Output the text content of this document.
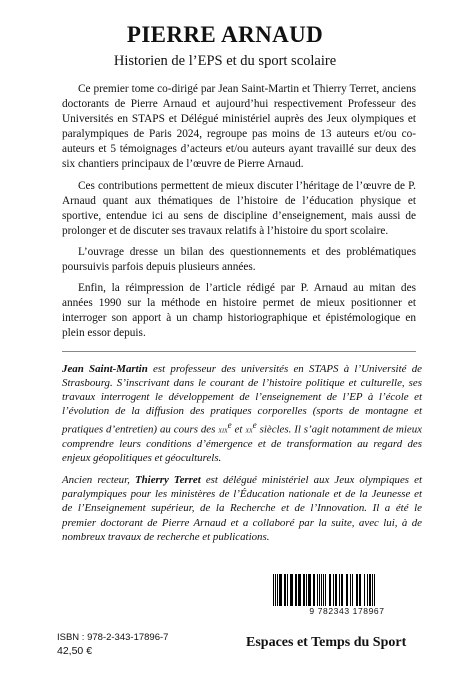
PIERRE ARNAUD
Historien de l’EPS et du sport scolaire

Ce premier tome co-dirigé par Jean Saint-Martin et Thierry Terret, anciens doctorants de Pierre Arnaud et aujourd’hui respectivement Professeur des Universités en STAPS et Délégué ministériel auprès des Jeux olympiques et paralympiques de Paris 2024, regroupe pas moins de 13 auteurs et/ou co-auteurs et 5 témoignages d’acteurs et/ou auteurs ayant travaillé sur deux des six chantiers principaux de l’œuvre de Pierre Arnaud.

Ces contributions permettent de mieux discuter l’héritage de l’œuvre de P. Arnaud quant aux thématiques de l’histoire de l’éducation physique et sportive, entendue ici au sens de discipline d’enseignement, mais aussi de prolonger et de discuter ses travaux relatifs à l’histoire du sport scolaire.

L’ouvrage dresse un bilan des questionnements et des problématiques poursuivis parfois depuis plusieurs années.

Enfin, la réimpression de l’article rédigé par P. Arnaud au mitan des années 1990 sur la méthode en histoire permet de mieux positionner et interroger son apport à un champ historiographique et épistémologique en plein essor depuis.

Jean Saint-Martin est professeur des universités en STAPS à l’Université de Strasbourg. S’inscrivant dans le courant de l’histoire politique et culturelle, ses travaux interrogent le développement de l’enseignement de l’EP à l’école et l’évolution de la diffusion des pratiques corporelles (sports de montagne et pratiques d’entretien) au cours des xix$^e$ et $xx^e$ siècles. Il s’agit notamment de mieux comprendre leurs conditions d’émergence et de transformation au regard des enjeux géopolitiques et géoculturels.

Ancien recteur, Thierry Terret est délégué ministériel aux Jeux olympiques et paralympiques pour les ministères de l’Éducation nationale et de la Jeunesse et de l’Enseignement supérieur, de la Recherche et de l’Innovation. Il a été le premier doctorant de Pierre Arnaud et a collaboré par la suite, avec lui, à de nombreux travaux de recherche et publications.

9 782343 178967
ISBN : 978-2-343-17896-7
42,50 €
Espaces et Temps du Sport
